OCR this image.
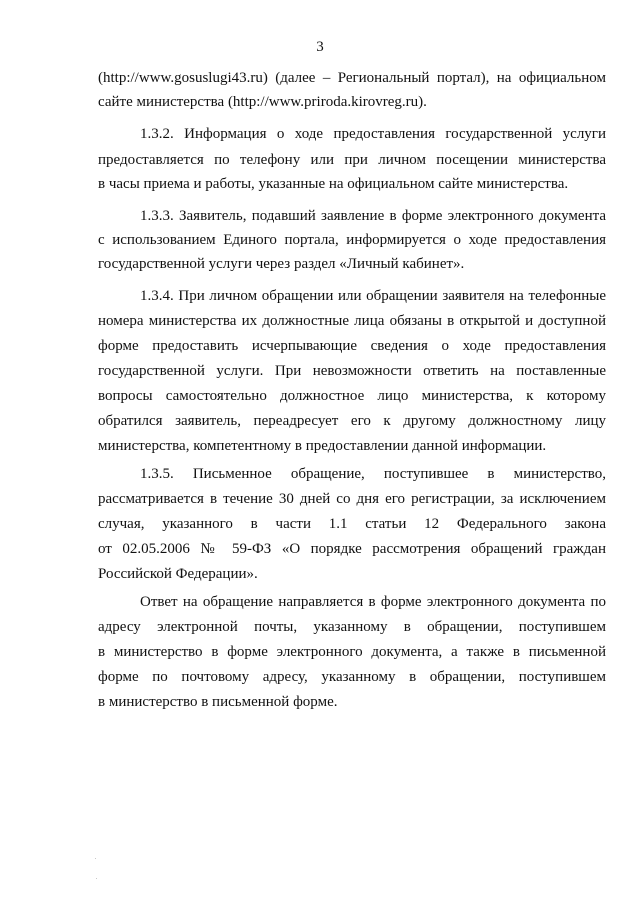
3
(http://www.gosuslugi43.ru) (далее – Региональный портал), на официальном
сайте министерства (http://www.priroda.kirovreg.ru).
1.3.2. Информация о ходе предоставления государственной услуги
предоставляется по телефону или при личном посещении министерства
в часы приема и работы, указанные на официальном сайте министерства.
1.3.3. Заявитель, подавший заявление в форме электронного документа
с использованием Единого портала, информируется о ходе предоставления
государственной услуги через раздел «Личный кабинет».
1.3.4. При личном обращении или обращении заявителя на телефонные
номера министерства их должностные лица обязаны в открытой и доступной
форме предоставить исчерпывающие сведения о ходе предоставления
государственной услуги. При невозможности ответить на поставленные
вопросы самостоятельно должностное лицо министерства, к которому
обратился заявитель, переадресует его к другому должностному лицу
министерства, компетентному в предоставлении данной информации.
1.3.5. Письменное обращение, поступившее в министерство,
рассматривается в течение 30 дней со дня его регистрации, за исключением
случая, указанного в части 1.1 статьи 12 Федерального закона
от 02.05.2006 № 59-ФЗ «О порядке рассмотрения обращений граждан
Российской Федерации».
Ответ на обращение направляется в форме электронного документа по
адресу электронной почты, указанному в обращении, поступившем
в министерство в форме электронного документа, а также в письменной
форме по почтовому адресу, указанному в обращении, поступившем
в министерство в письменной форме.
